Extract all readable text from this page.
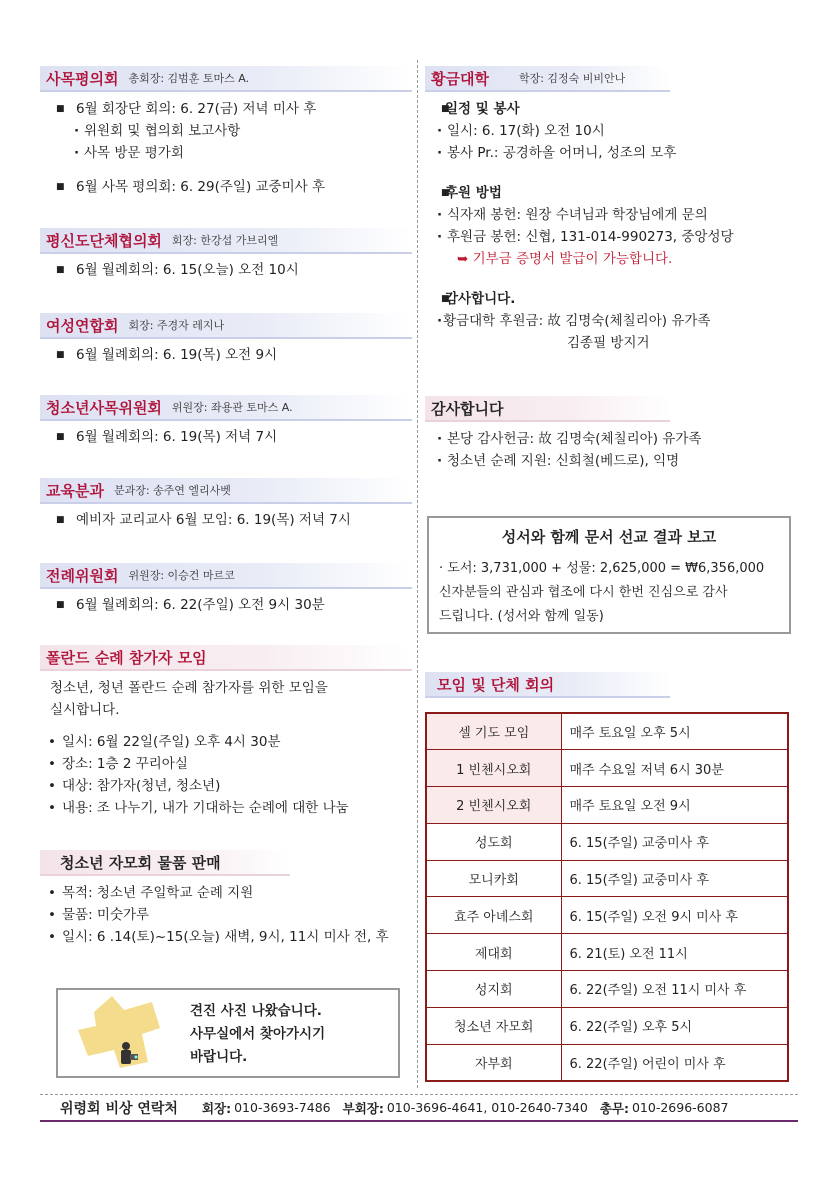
사목평의회 총회장: 김범훈 토마스 A.
■ 6월 회장단 회의: 6. 27(금) 저녁 미사 후
· 위원회 및 협의회 보고사항
· 사목 방문 평가회
■ 6월 사목 평의회: 6. 29(주일) 교중미사 후
평신도단체협의회 회장: 한강섭 가브리엘
■ 6월 월례회의: 6. 15(오늘) 오전 10시
여성연합회 회장: 주경자 레지나
■ 6월 월례회의: 6. 19(목) 오전 9시
청소년사목위원회 위원장: 좌용관 토마스 A.
■ 6월 월례회의: 6. 19(목) 저녁 7시
교육분과 분과장: 송주연 엘리사벳
■ 예비자 교리교사 6월 모임: 6. 19(목) 저녁 7시
전례위원회 위원장: 이승건 마르코
■ 6월 월례회의: 6. 22(주일) 오전 9시 30분
폴란드 순례 참가자 모임
청소년, 청년 폴란드 순례 참가자를 위한 모임을
실시합니다.
• 일시: 6월 22일(주일) 오후 4시 30분
• 장소: 1층 2 꾸리아실
• 대상: 참가자(청년, 청소년)
• 내용: 조 나누기, 내가 기대하는 순례에 대한 나눔
청소년 자모회 물품 판매
• 목적: 청소년 주일학교 순례 지원
• 물품: 미숫가루
• 일시: 6 .14(토)~15(오늘) 새벽, 9시, 11시 미사 전, 후
견진 사진 나왔습니다.
사무실에서 찾아가시기
바랍니다.
황금대학	학장: 김정숙 비비안나
■ 일정 및 봉사
· 일시: 6. 17(화) 오전 10시
· 봉사 Pr.: 공경하올 어머니, 성조의 모후
■ 후원 방법
· 식자재 봉헌: 원장 수녀님과 학장님에게 문의
· 후원금 봉헌: 신협, 131-014-990273, 중앙성당
➥ 기부금 증명서 발급이 가능합니다.
■ 감사합니다.
· 황금대학 후원금: 故 김명숙(체칠리아) 유가족
김종필 방지거
감사합니다
· 본당 감사헌금: 故 김명숙(체칠리아) 유가족
· 청소년 순례 지원: 신희철(베드로), 익명
성서와 함께 문서 선교 결과 보고
· 도서: 3,731,000 + 성물: 2,625,000 = ₩6,356,000
신자분들의 관심과 협조에 다시 한번 진심으로 감사
드립니다. (성서와 함께 일동)
모임 및 단체 회의
셀 기도 모임	매주 토요일 오후 5시
1 빈첸시오회	매주 수요일 저녁 6시 30분
2 빈첸시오회	매주 토요일 오전 9시
성도회	6. 15(주일) 교중미사 후
모니카회	6. 15(주일) 교중미사 후
효주 아녜스회	6. 15(주일) 오전 9시 미사 후
제대회	6. 21(토) 오전 11시
성지회	6. 22(주일) 오전 11시 미사 후
청소년 자모회	6. 22(주일) 오후 5시
자부회	6. 22(주일) 어린이 미사 후
위령회 비상 연락처 회장: 010-3693-7486 부회장: 010-3696-4641, 010-2640-7340 총무: 010-2696-6087
